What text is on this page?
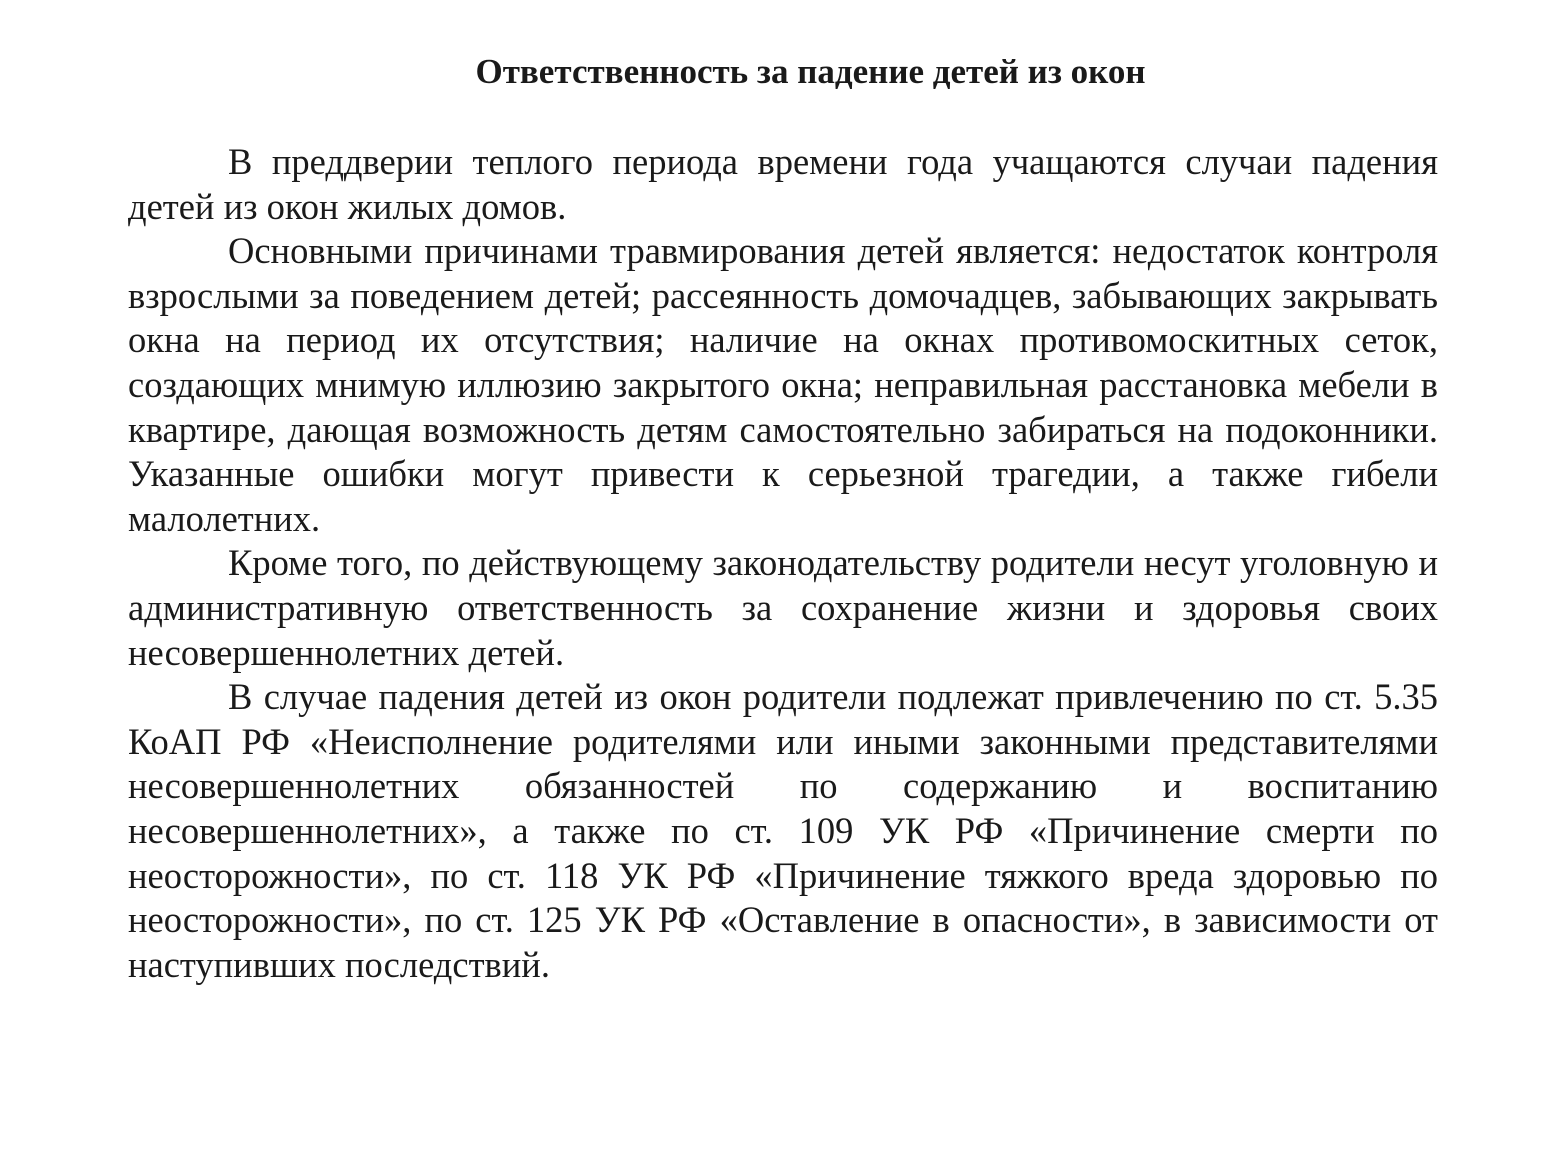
Ответственность за падение детей из окон

В преддверии теплого периода времени года учащаются случаи падения детей из окон жилых домов.

Основными причинами травмирования детей является: недостаток контроля взрослыми за поведением детей; рассеянность домочадцев, забывающих закрывать окна на период их отсутствия; наличие на окнах противомоскитных сеток, создающих мнимую иллюзию закрытого окна; неправильная расстановка мебели в квартире, дающая возможность детям самостоятельно забираться на подоконники. Указанные ошибки могут привести к серьезной трагедии, а также гибели малолетних.

Кроме того, по действующему законодательству родители несут уголовную и административную ответственность за сохранение жизни и здоровья своих несовершеннолетних детей.

В случае падения детей из окон родители подлежат привлечению по ст. 5.35 КоАП РФ «Неисполнение родителями или иными законными представителями несовершеннолетних обязанностей по содержанию и воспитанию несовершеннолетних», а также по ст. 109 УК РФ «Причинение смерти по неосторожности», по ст. 118 УК РФ «Причинение тяжкого вреда здоровью по неосторожности», по ст. 125 УК РФ «Оставление в опасности», в зависимости от наступивших последствий.
